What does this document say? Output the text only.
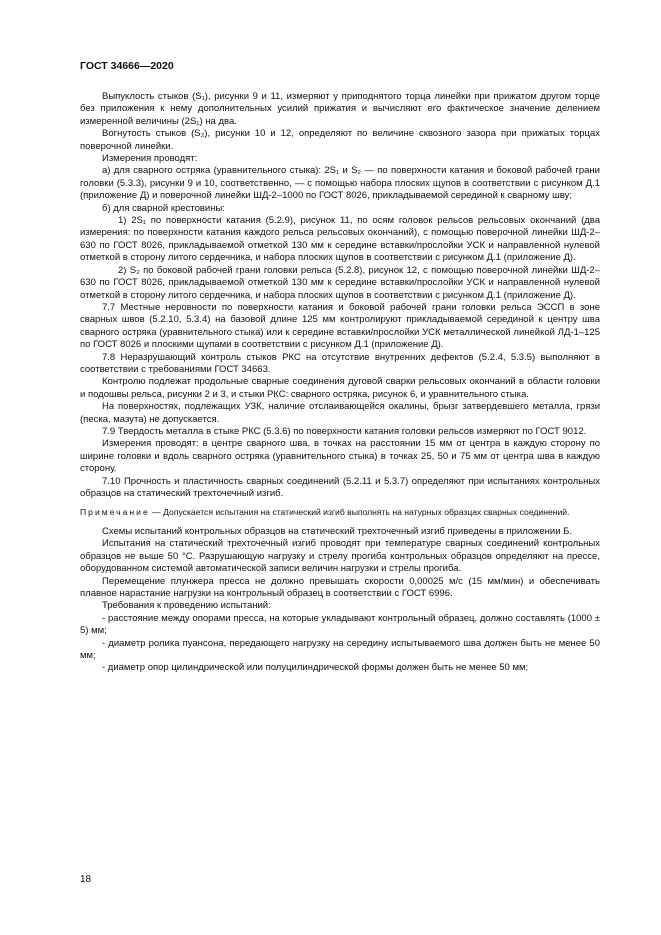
ГОСТ 34666—2020

Выпуклость стыков (S₁), рисунки 9 и 11, измеряют у приподнятого торца линейки при прижатом другом торце без приложения к нему дополнительных усилий прижатия и вычисляют его фактическое значение делением измеренной величины (2S₁) на два.

Вогнутость стыков (S₂), рисунки 10 и 12, определяют по величине сквозного зазора при прижатых торцах поверочной линейки.

Измерения проводят:

а) для сварного остряка (уравнительного стыка): 2S₁ и S₂ — по поверхности катания и боковой рабочей грани головки (5.3.3), рисунки 9 и 10, соответственно, — с помощью набора плоских щупов в соответствии с рисунком Д.1 (приложение Д) и поверочной линейки ШД-2–1000 по ГОСТ 8026, прикладываемой серединой к сварному шву;

б) для сварной крестовины:

1) 2S₁ по поверхности катания (5.2.9), рисунок 11, по осям головок рельсов рельсовых окончаний (два измерения: по поверхности катания каждого рельса рельсовых окончаний), с помощью поверочной линейки ШД-2–630 по ГОСТ 8026, прикладываемой отметкой 130 мм к середине вставки/прослойки УСК и направленной нулевой отметкой в сторону литого сердечника, и набора плоских щупов в соответствии с рисунком Д.1 (приложение Д).

2) S₂ по боковой рабочей грани головки рельса (5.2.8), рисунок 12, с помощью поверочной линейки ШД-2–630 по ГОСТ 8026, прикладываемой отметкой 130 мм к середине вставки/прослойки УСК и направленной нулевой отметкой в сторону литого сердечника, и набора плоских щупов в соответствии с рисунком Д.1 (приложение Д).

7.7 Местные неровности по поверхности катания и боковой рабочей грани головки рельса ЭССП в зоне сварных швов (5.2.10, 5.3.4) на базовой длине 125 мм контролируют прикладываемой серединой к центру шва сварного остряка (уравнительного стыка) или к середине вставки/прослойки УСК металлической линейкой ЛД-1–125 по ГОСТ 8026 и плоскими щупами в соответствии с рисунком Д.1 (приложение Д).

7.8 Неразрушающий контроль стыков РКС на отсутствие внутренних дефектов (5.2.4, 5.3.5) выполняют в соответствии с требованиями ГОСТ 34663.

Контролю подлежат продольные сварные соединения дуговой сварки рельсовых окончаний в области головки и подошвы рельса, рисунки 2 и 3, и стыки РКС: сварного остряка, рисунок 6, и уравнительного стыка.

На поверхностях, подлежащих УЗК, наличие отслаивающейся окалины, брызг затвердевшего металла, грязи (песка, мазута) не допускается.

7.9 Твердость металла в стыке РКС (5.3.6) по поверхности катания головки рельсов измеряют по ГОСТ 9012.

Измерения проводят: в центре сварного шва, в точках на расстоянии 15 мм от центра в каждую сторону по ширине головки и вдоль сварного остряка (уравнительного стыка) в точках 25, 50 и 75 мм от центра шва в каждую сторону.

7.10 Прочность и пластичность сварных соединений (5.2.11 и 5.3.7) определяют при испытаниях контрольных образцов на статический трехточечный изгиб.

Примечание — Допускается испытания на статический изгиб выполнять на натурных образцах сварных соединений.

Схемы испытаний контрольных образцов на статический трехточечный изгиб приведены в приложении Б.

Испытания на статический трехточечный изгиб проводят при температуре сварных соединений контрольных образцов не выше 50 °С. Разрушающую нагрузку и стрелу прогиба контрольных образцов определяют на прессе, оборудованном системой автоматической записи величин нагрузки и стрелы прогиба.

Перемещение плунжера пресса не должно превышать скорости 0,00025 м/с (15 мм/мин) и обеспечивать плавное нарастание нагрузки на контрольный образец в соответствии с ГОСТ 6996.

Требования к проведению испытаний:

- расстояние между опорами пресса, на которые укладывают контрольный образец, должно составлять (1000 ± 5) мм;

- диаметр ролика пуансона, передающего нагрузку на середину испытываемого шва должен быть не менее 50 мм;

- диаметр опор цилиндрической или полуцилиндрической формы должен быть не менее 50 мм;

18
